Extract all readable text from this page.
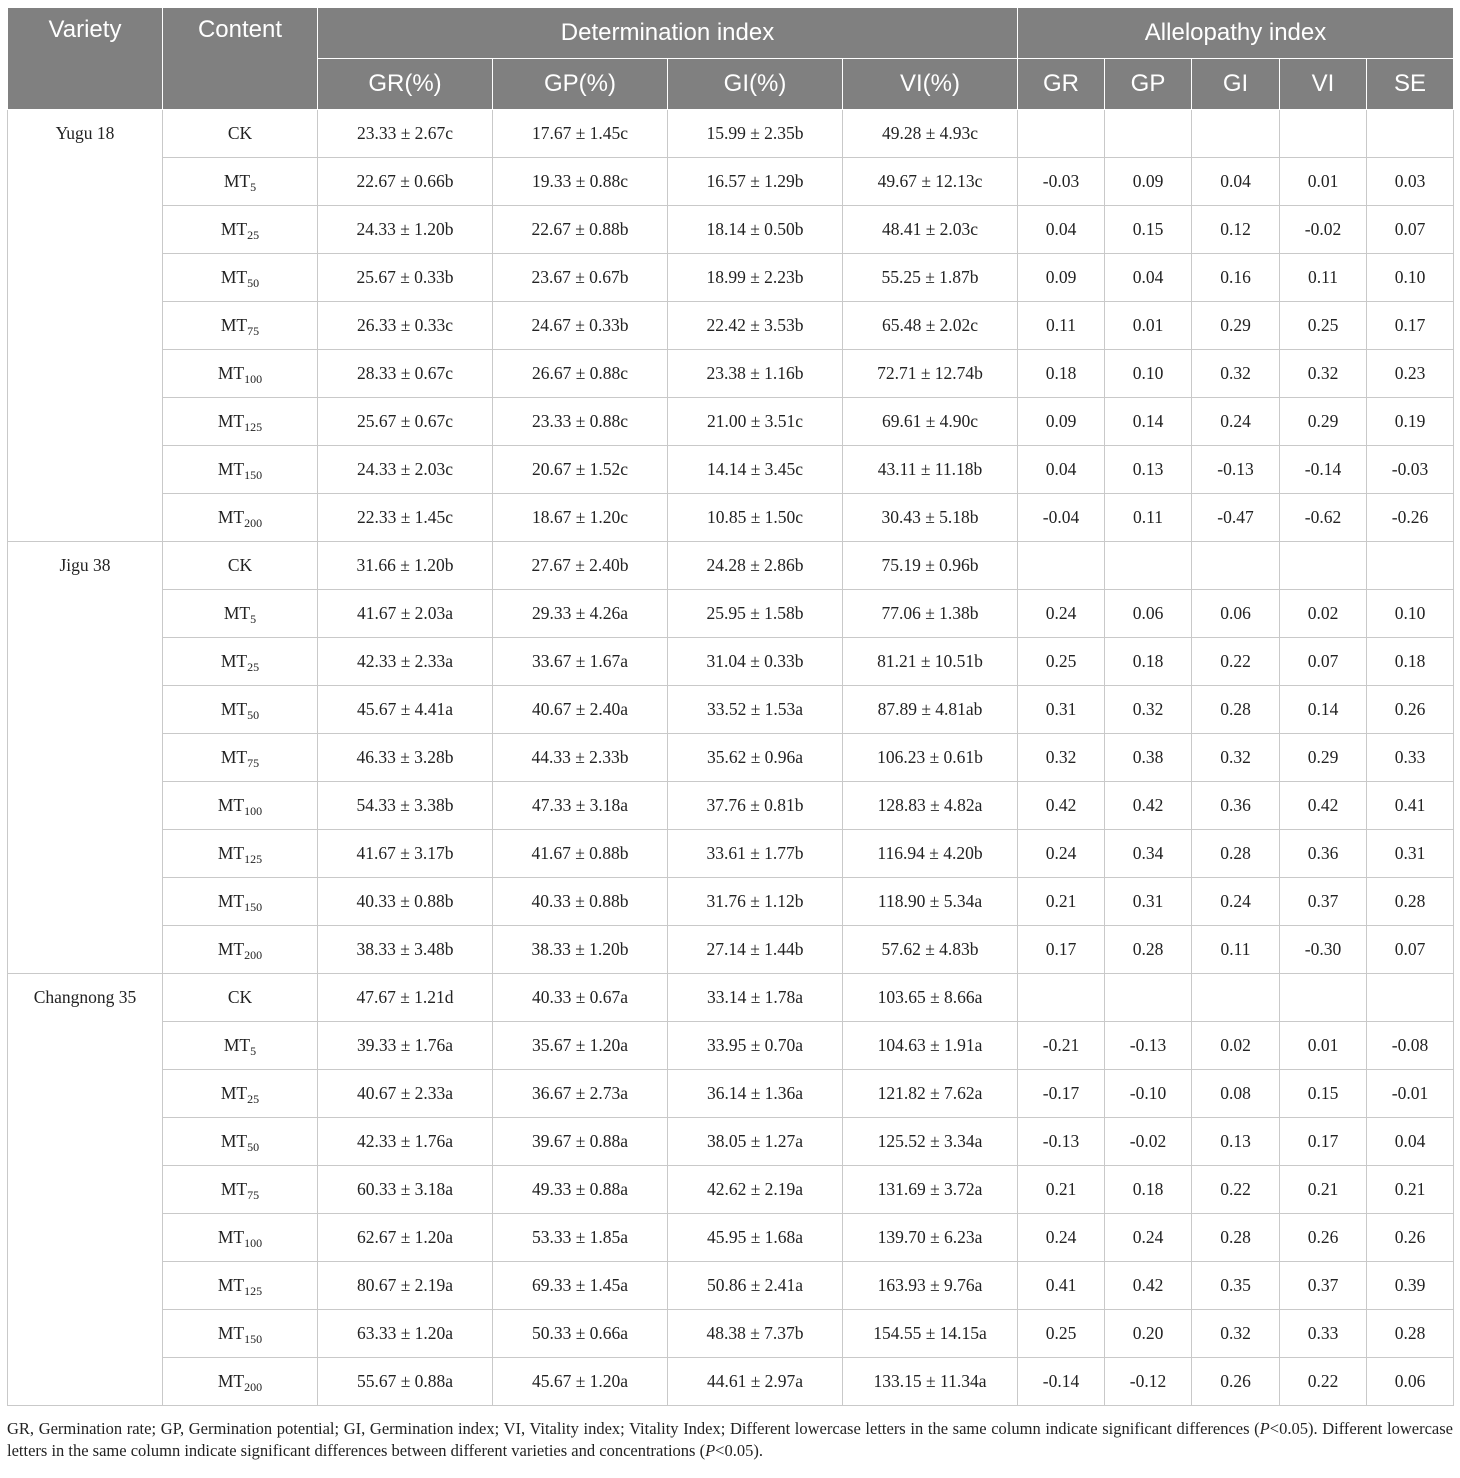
Variety	Content	Determination index				Allelopathy index				
		GR(%)	GP(%)	GI(%)	VI(%)	GR	GP	GI	VI	SE
Yugu 18	CK	23.33 ± 2.67c	17.67 ± 1.45c	15.99 ± 2.35b	49.28 ± 4.93c					
	$MT_5$	22.67 ± 0.66b	19.33 ± 0.88c	16.57 ± 1.29b	49.67 ± 12.13c	-0.03	0.09	0.04	0.01	0.03
	$MT_{25}$	24.33 ± 1.20b	22.67 ± 0.88b	18.14 ± 0.50b	48.41 ± 2.03c	0.04	0.15	0.12	-0.02	0.07
	$MT_{50}$	25.67 ± 0.33b	23.67 ± 0.67b	18.99 ± 2.23b	55.25 ± 1.87b	0.09	0.04	0.16	0.11	0.10
	$MT_{75}$	26.33 ± 0.33c	24.67 ± 0.33b	22.42 ± 3.53b	65.48 ± 2.02c	0.11	0.01	0.29	0.25	0.17
	$MT_{100}$	28.33 ± 0.67c	26.67 ± 0.88c	23.38 ± 1.16b	72.71 ± 12.74b	0.18	0.10	0.32	0.32	0.23
	$MT_{125}$	25.67 ± 0.67c	23.33 ± 0.88c	21.00 ± 3.51c	69.61 ± 4.90c	0.09	0.14	0.24	0.29	0.19
	$MT_{150}$	24.33 ± 2.03c	20.67 ± 1.52c	14.14 ± 3.45c	43.11 ± 11.18b	0.04	0.13	-0.13	-0.14	-0.03
	$MT_{200}$	22.33 ± 1.45c	18.67 ± 1.20c	10.85 ± 1.50c	30.43 ± 5.18b	-0.04	0.11	-0.47	-0.62	-0.26
Jigu 38	CK	31.66 ± 1.20b	27.67 ± 2.40b	24.28 ± 2.86b	75.19 ± 0.96b					
	$MT_5$	41.67 ± 2.03a	29.33 ± 4.26a	25.95 ± 1.58b	77.06 ± 1.38b	0.24	0.06	0.06	0.02	0.10
	$MT_{25}$	42.33 ± 2.33a	33.67 ± 1.67a	31.04 ± 0.33b	81.21 ± 10.51b	0.25	0.18	0.22	0.07	0.18
	$MT_{50}$	45.67 ± 4.41a	40.67 ± 2.40a	33.52 ± 1.53a	87.89 ± 4.81ab	0.31	0.32	0.28	0.14	0.26
	$MT_{75}$	46.33 ± 3.28b	44.33 ± 2.33b	35.62 ± 0.96a	106.23 ± 0.61b	0.32	0.38	0.32	0.29	0.33
	$MT_{100}$	54.33 ± 3.38b	47.33 ± 3.18a	37.76 ± 0.81b	128.83 ± 4.82a	0.42	0.42	0.36	0.42	0.41
	$MT_{125}$	41.67 ± 3.17b	41.67 ± 0.88b	33.61 ± 1.77b	116.94 ± 4.20b	0.24	0.34	0.28	0.36	0.31
	$MT_{150}$	40.33 ± 0.88b	40.33 ± 0.88b	31.76 ± 1.12b	118.90 ± 5.34a	0.21	0.31	0.24	0.37	0.28
	$MT_{200}$	38.33 ± 3.48b	38.33 ± 1.20b	27.14 ± 1.44b	57.62 ± 4.83b	0.17	0.28	0.11	-0.30	0.07
Changnong 35	CK	47.67 ± 1.21d	40.33 ± 0.67a	33.14 ± 1.78a	103.65 ± 8.66a					
	$MT_5$	39.33 ± 1.76a	35.67 ± 1.20a	33.95 ± 0.70a	104.63 ± 1.91a	-0.21	-0.13	0.02	0.01	-0.08
	$MT_{25}$	40.67 ± 2.33a	36.67 ± 2.73a	36.14 ± 1.36a	121.82 ± 7.62a	-0.17	-0.10	0.08	0.15	-0.01
	$MT_{50}$	42.33 ± 1.76a	39.67 ± 0.88a	38.05 ± 1.27a	125.52 ± 3.34a	-0.13	-0.02	0.13	0.17	0.04
	$MT_{75}$	60.33 ± 3.18a	49.33 ± 0.88a	42.62 ± 2.19a	131.69 ± 3.72a	0.21	0.18	0.22	0.21	0.21
	$MT_{100}$	62.67 ± 1.20a	53.33 ± 1.85a	45.95 ± 1.68a	139.70 ± 6.23a	0.24	0.24	0.28	0.26	0.26
	$MT_{125}$	80.67 ± 2.19a	69.33 ± 1.45a	50.86 ± 2.41a	163.93 ± 9.76a	0.41	0.42	0.35	0.37	0.39
	$MT_{150}$	63.33 ± 1.20a	50.33 ± 0.66a	48.38 ± 7.37b	154.55 ± 14.15a	0.25	0.20	0.32	0.33	0.28
	$MT_{200}$	55.67 ± 0.88a	45.67 ± 1.20a	44.61 ± 2.97a	133.15 ± 11.34a	-0.14	-0.12	0.26	0.22	0.06

GR, Germination rate; GP, Germination potential; GI, Germination index; VI, Vitality index; Vitality Index; Different lowercase letters in the same column indicate significant differences (P<0.05). Different lowercase letters in the same column indicate significant differences between different varieties and concentrations (P<0.05).
